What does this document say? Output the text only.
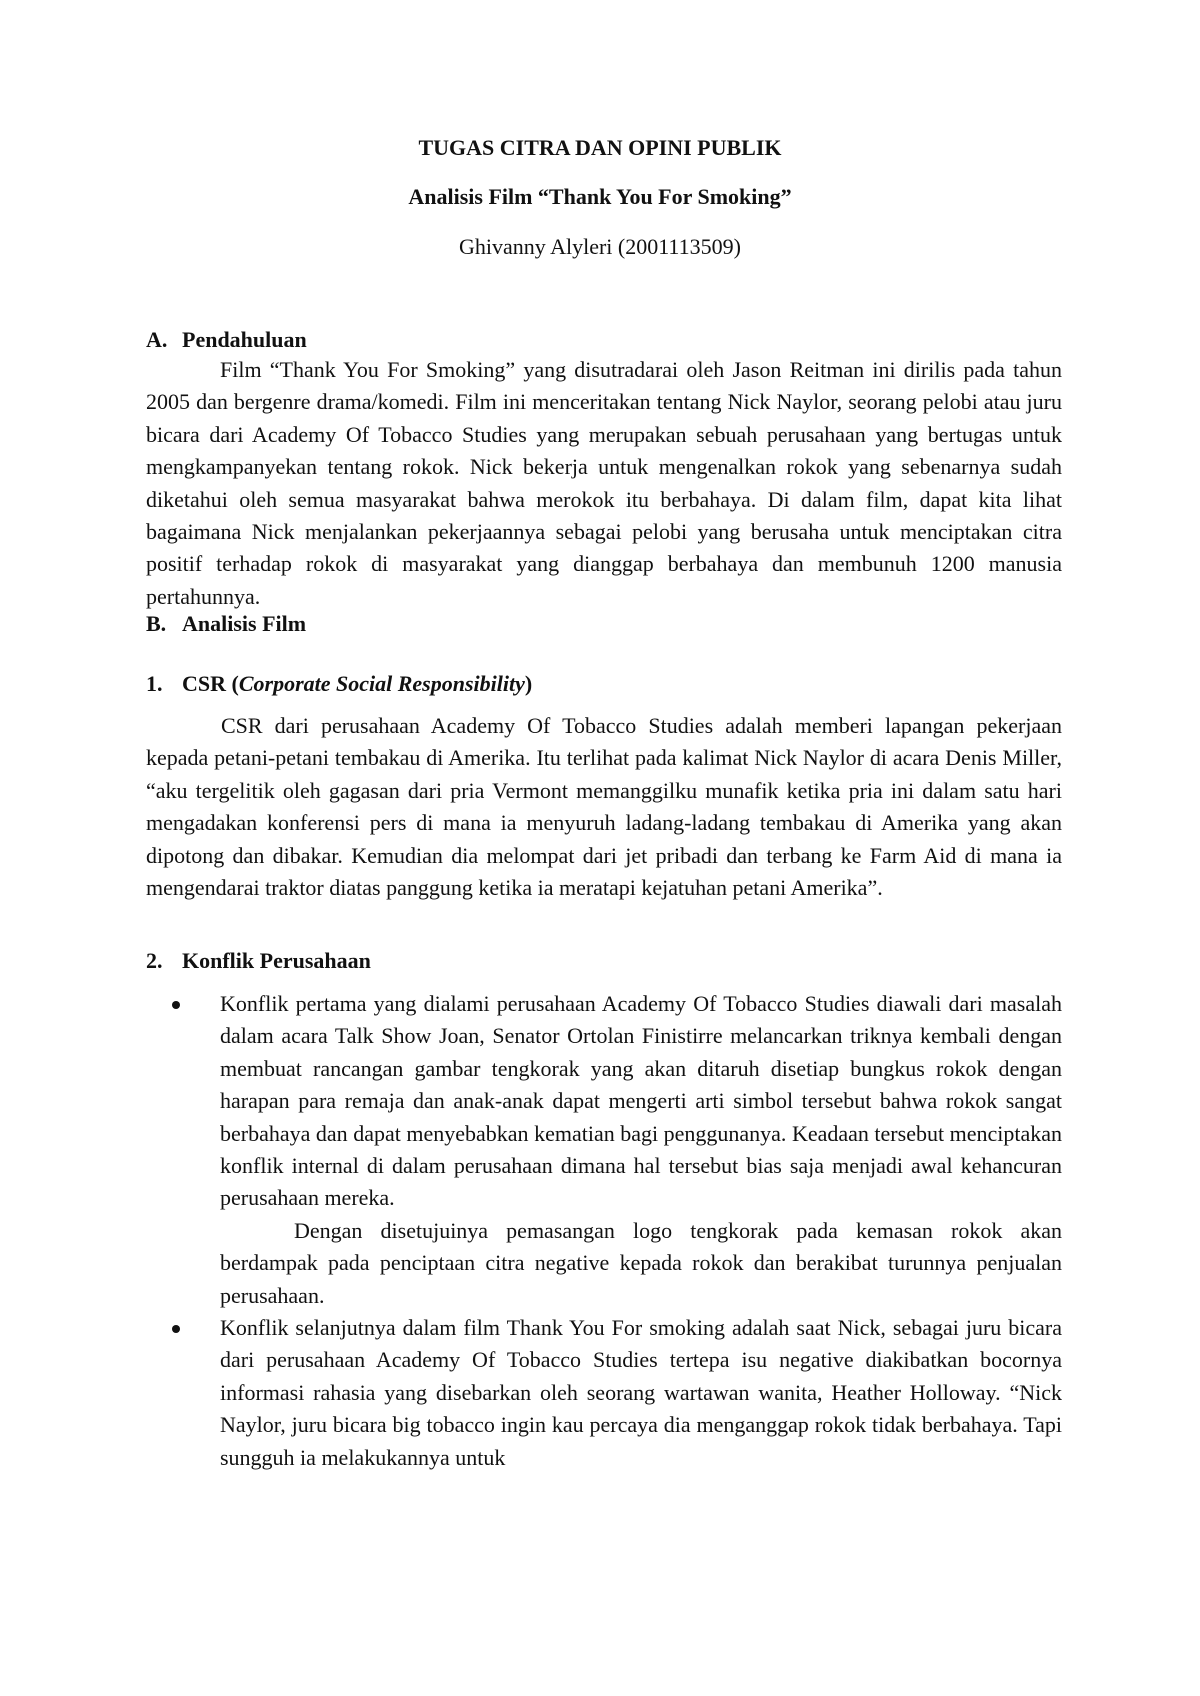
TUGAS CITRA DAN OPINI PUBLIK
Analisis Film “Thank You For Smoking”
Ghivanny Alyleri (2001113509)
A. Pendahuluan

Film “Thank You For Smoking” yang disutradarai oleh Jason Reitman ini dirilis pada tahun 2005 dan bergenre drama/komedi. Film ini menceritakan tentang Nick Naylor, seorang pelobi atau juru bicara dari Academy Of Tobacco Studies yang merupakan sebuah perusahaan yang bertugas untuk mengkampanyekan tentang rokok. Nick bekerja untuk mengenalkan rokok yang sebenarnya sudah diketahui oleh semua masyarakat bahwa merokok itu berbahaya. Di dalam film, dapat kita lihat bagaimana Nick menjalankan pekerjaannya sebagai pelobi yang berusaha untuk menciptakan citra positif terhadap rokok di masyarakat yang dianggap berbahaya dan membunuh 1200 manusia pertahunnya.

B. Analisis Film
1. CSR (Corporate Social Responsibility)

CSR dari perusahaan Academy Of Tobacco Studies adalah memberi lapangan pekerjaan kepada petani-petani tembakau di Amerika. Itu terlihat pada kalimat Nick Naylor di acara Denis Miller, “aku tergelitik oleh gagasan dari pria Vermont memanggilku munafik ketika pria ini dalam satu hari mengadakan konferensi pers di mana ia menyuruh ladang-ladang tembakau di Amerika yang akan dipotong dan dibakar. Kemudian dia melompat dari jet pribadi dan terbang ke Farm Aid di mana ia mengendarai traktor diatas panggung ketika ia meratapi kejatuhan petani Amerika”.

2. Konflik Perusahaan

Konflik pertama yang dialami perusahaan Academy Of Tobacco Studies diawali dari masalah dalam acara Talk Show Joan, Senator Ortolan Finistirre melancarkan triknya kembali dengan membuat rancangan gambar tengkorak yang akan ditaruh disetiap bungkus rokok dengan harapan para remaja dan anak-anak dapat mengerti arti simbol tersebut bahwa rokok sangat berbahaya dan dapat menyebabkan kematian bagi penggunanya. Keadaan tersebut menciptakan konflik internal di dalam perusahaan dimana hal tersebut bias saja menjadi awal kehancuran perusahaan mereka.

Dengan disetujuinya pemasangan logo tengkorak pada kemasan rokok akan berdampak pada penciptaan citra negative kepada rokok dan berakibat turunnya penjualan perusahaan.

Konflik selanjutnya dalam film Thank You For smoking adalah saat Nick, sebagai juru bicara dari perusahaan Academy Of Tobacco Studies tertepa isu negative diakibatkan bocornya informasi rahasia yang disebarkan oleh seorang wartawan wanita, Heather Holloway. “Nick Naylor, juru bicara big tobacco ingin kau percaya dia menganggap rokok tidak berbahaya. Tapi sungguh ia melakukannya untuk
